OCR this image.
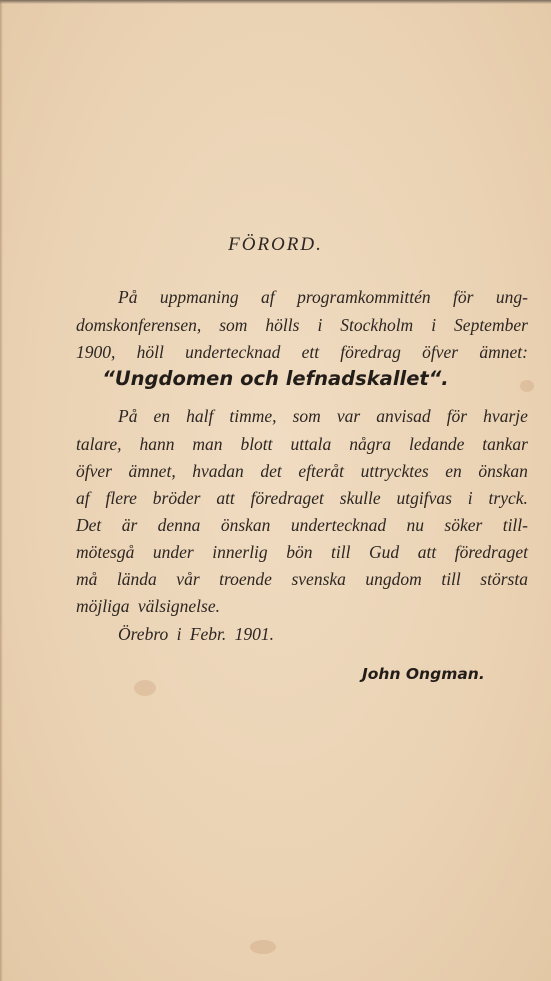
FÖRORD.
På uppmaning af programkommittén för ung-
domskonferensen, som hölls i Stockholm i September
1900, höll undertecknad ett föredrag öfver ämnet:
“Ungdomen och lefnadskallet“.
På en half timme, som var anvisad för hvarje
talare, hann man blott uttala några ledande tankar
öfver ämnet, hvadan det efteråt uttrycktes en önskan
af flere bröder att föredraget skulle utgifvas i tryck.
Det är denna önskan undertecknad nu söker till-
mötesgå under innerlig bön till Gud att föredraget
må lända vår troende svenska ungdom till största
möjliga välsignelse.
Örebro i Febr. 1901.
John Ongman.
